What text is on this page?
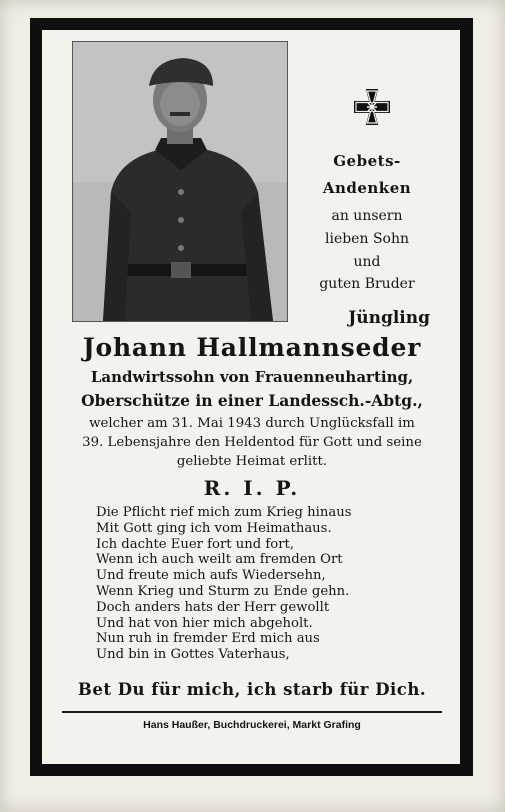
Gebets-
Andenken
an unsern
lieben Sohn
und
guten Bruder
Jüngling
Johann Hallmannseder
Landwirtssohn von Frauenneuharting,
Oberschütze in einer Landessch.-Abtg.,
welcher am 31. Mai 1943 durch Unglücksfall im
39. Lebensjahre den Heldentod für Gott und seine
geliebte Heimat erlitt.
R. I. P.
Die Pflicht rief mich zum Krieg hinaus
Mit Gott ging ich vom Heimathaus.
Ich dachte Euer fort und fort,
Wenn ich auch weilt am fremden Ort
Und freute mich aufs Wiedersehn,
Wenn Krieg und Sturm zu Ende gehn.
Doch anders hats der Herr gewollt
Und hat von hier mich abgeholt.
Nun ruh in fremder Erd mich aus
Und bin in Gottes Vaterhaus,
Bet Du für mich, ich starb für Dich.
Hans Haußer, Buchdruckerei, Markt Grafing
